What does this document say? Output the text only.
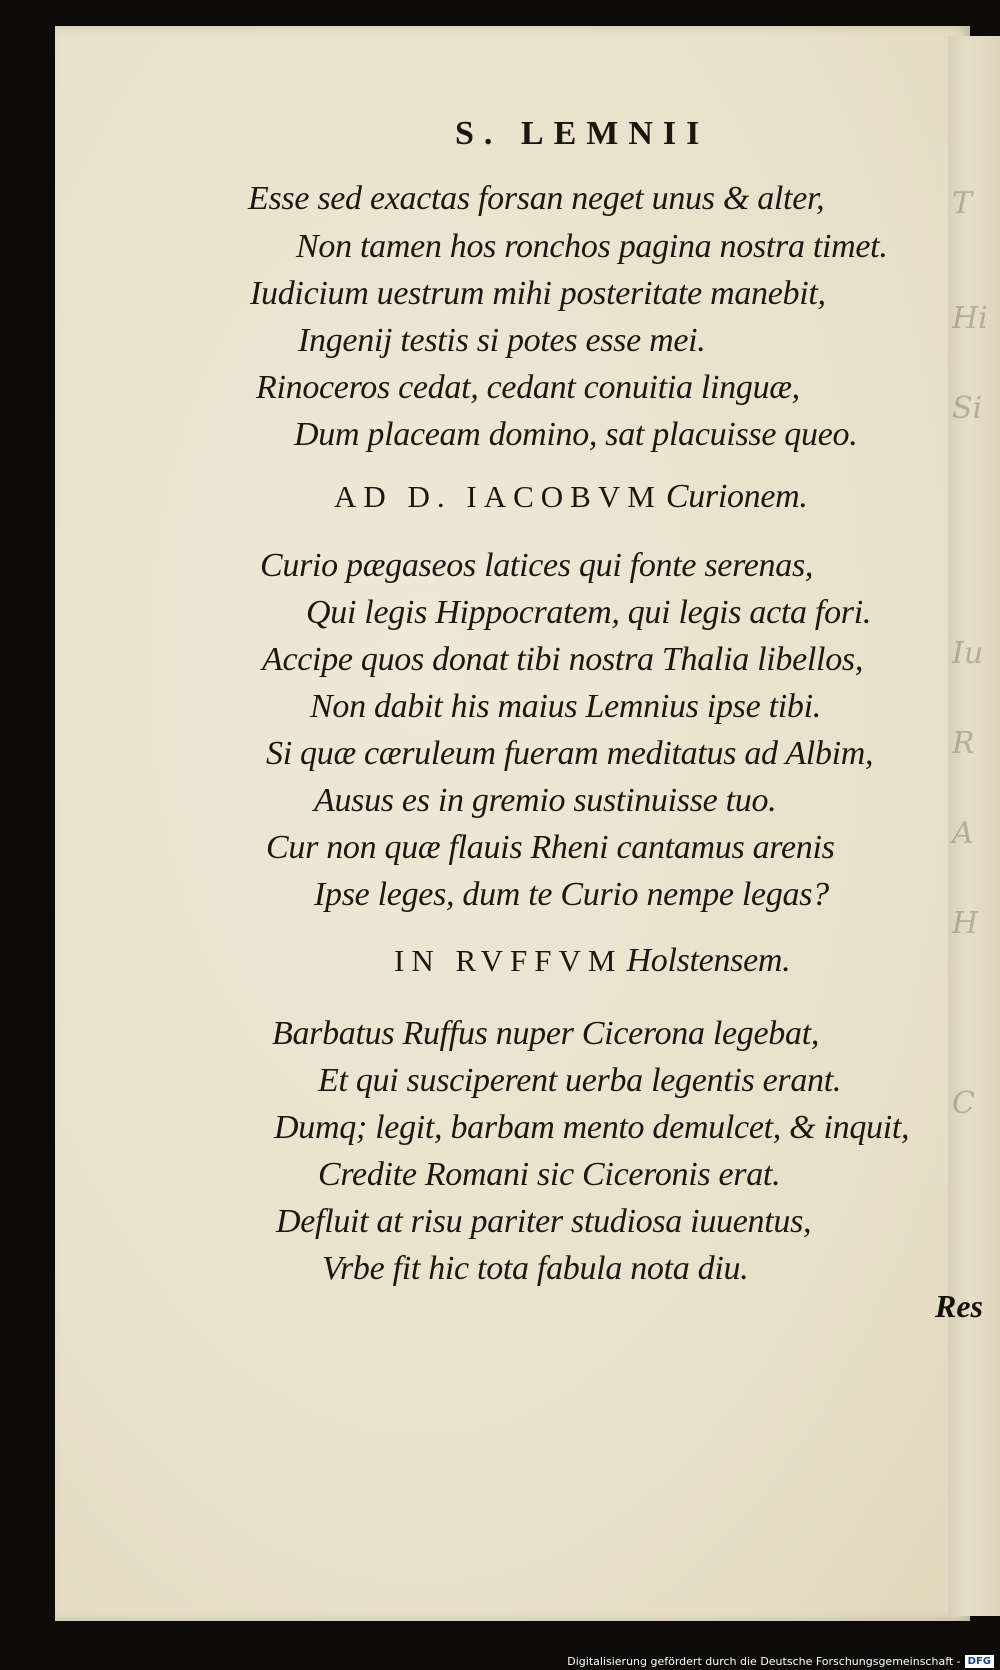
T
Hi
Si
Iu
R
A
H
C
S. LEMNII
Esse sed exactas forsan neget unus & alter,
Non tamen hos ronchos pagina nostra timet.
Iudicium uestrum mihi posteritate manebit,
Ingenij testis si potes esse mei.
Rinoceros cedat, cedant conuitia linguæ,
Dum placeam domino, sat placuisse queo.
AD D. IACOBVM Curionem.
Curio pægaseos latices qui fonte serenas,
Qui legis Hippocratem, qui legis acta fori.
Accipe quos donat tibi nostra Thalia libellos,
Non dabit his maius Lemnius ipse tibi.
Si quæ cæruleum fueram meditatus ad Albim,
Ausus es in gremio sustinuisse tuo.
Cur non quæ flauis Rheni cantamus arenis
Ipse leges, dum te Curio nempe legas?
IN RVFFVM Holstensem.
Barbatus Ruffus nuper Cicerona legebat,
Et qui susciperent uerba legentis erant.
Dumq; legit, barbam mento demulcet, & inquit,
Credite Romani sic Ciceronis erat.
Defluit at risu pariter studiosa iuuentus,
Vrbe fit hic tota fabula nota diu.
Res
Digitalisierung gefördert durch die Deutsche Forschungsgemeinschaft - DFG
